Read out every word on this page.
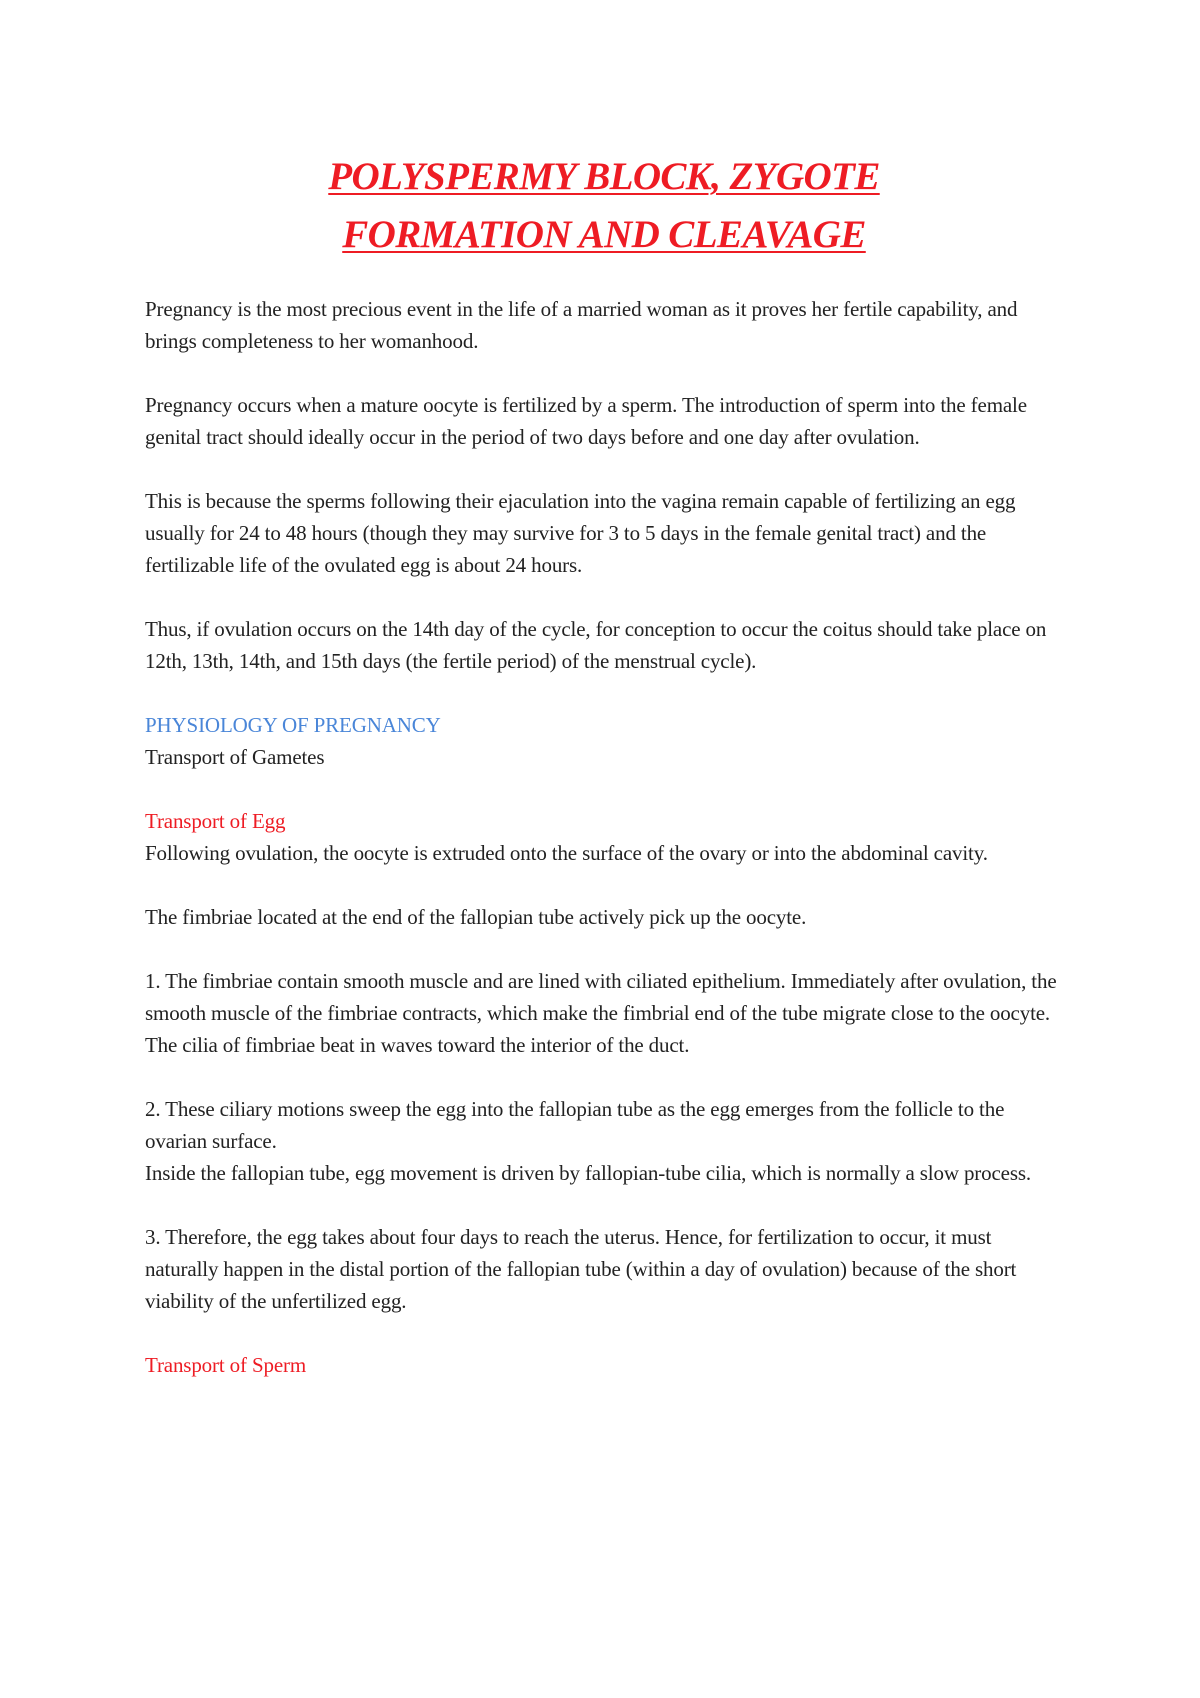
POLYSPERMY BLOCK, ZYGOTE
FORMATION AND CLEAVAGE

Pregnancy is the most precious event in the life of a married woman as it proves her fertile capability, and brings completeness to her womanhood.

Pregnancy occurs when a mature oocyte is fertilized by a sperm. The introduction of sperm into the female genital tract should ideally occur in the period of two days before and one day after ovulation.

This is because the sperms following their ejaculation into the vagina remain capable of fertilizing an egg usually for 24 to 48 hours (though they may survive for 3 to 5 days in the female genital tract) and the fertilizable life of the ovulated egg is about 24 hours.

Thus, if ovulation occurs on the 14th day of the cycle, for conception to occur the coitus should take place on 12th, 13th, 14th, and 15th days (the fertile period) of the menstrual cycle).

PHYSIOLOGY OF PREGNANCY

Transport of Gametes

Transport of Egg

Following ovulation, the oocyte is extruded onto the surface of the ovary or into the abdominal cavity.

The fimbriae located at the end of the fallopian tube actively pick up the oocyte.

1. The fimbriae contain smooth muscle and are lined with ciliated epithelium. Immediately after ovulation, the smooth muscle of the fimbriae contracts, which make the fimbrial end of the tube migrate close to the oocyte.

The cilia of fimbriae beat in waves toward the interior of the duct.

2. These ciliary motions sweep the egg into the fallopian tube as the egg emerges from the follicle to the ovarian surface.

Inside the fallopian tube, egg movement is driven by fallopian-tube cilia, which is normally a slow process.

3. Therefore, the egg takes about four days to reach the uterus. Hence, for fertilization to occur, it must naturally happen in the distal portion of the fallopian tube (within a day of ovulation) because of the short viability of the unfertilized egg.

Transport of Sperm
